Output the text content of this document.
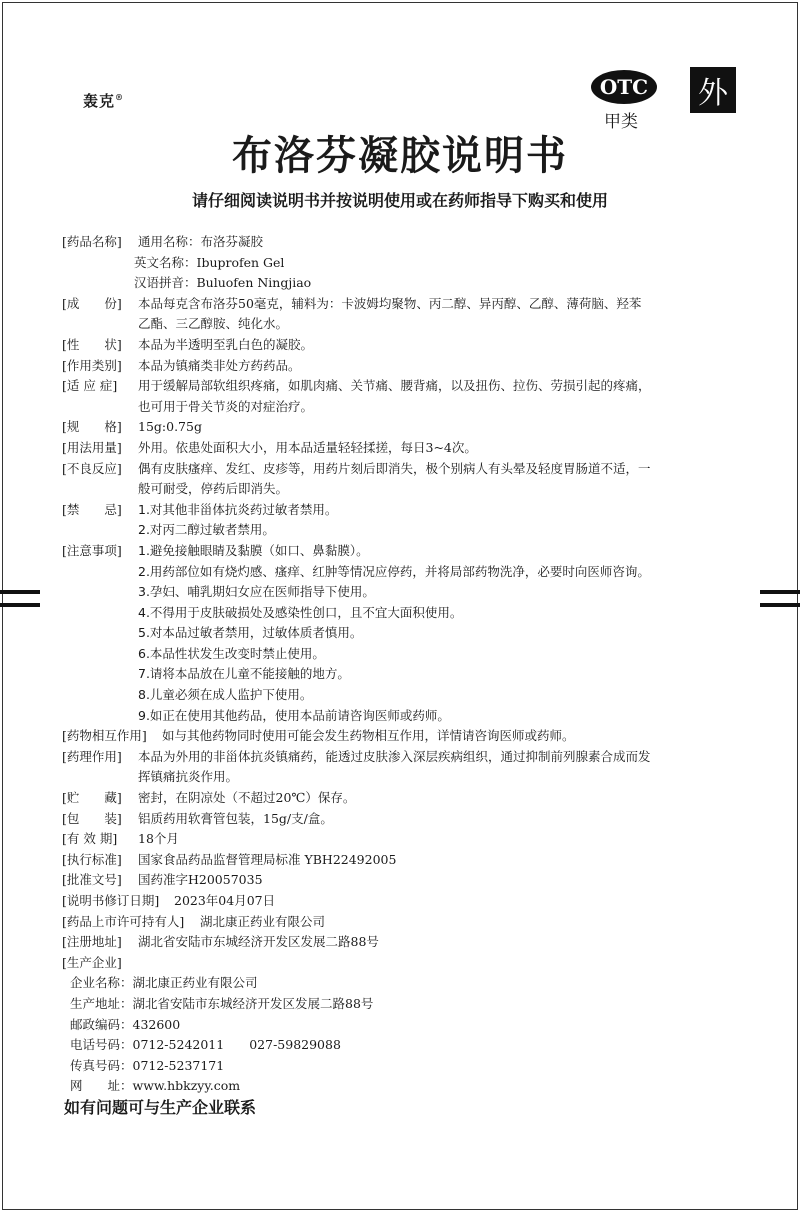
轰克®	OTC
甲类
外
布洛芬凝胶说明书
请仔细阅读说明书并按说明使用或在药师指导下购买和使用
[药品名称] 通用名称：布洛芬凝胶
英文名称：Ibuprofen Gel
汉语拼音：Buluofen Ningjiao
[成　　份] 本品每克含布洛芬50毫克，辅料为：卡波姆均聚物、丙二醇、异丙醇、乙醇、薄荷脑、羟苯
乙酯、三乙醇胺、纯化水。
[性　　状] 本品为半透明至乳白色的凝胶。
[作用类别] 本品为镇痛类非处方药药品。
[适 应 症] 用于缓解局部软组织疼痛，如肌肉痛、关节痛、腰背痛，以及扭伤、拉伤、劳损引起的疼痛，
也可用于骨关节炎的对症治疗。
[规　　格] 15g:0.75g
[用法用量] 外用。依患处面积大小，用本品适量轻轻揉搓，每日3~4次。
[不良反应] 偶有皮肤瘙痒、发红、皮疹等，用药片刻后即消失，极个别病人有头晕及轻度胃肠道不适，一
般可耐受，停药后即消失。
[禁　　忌] 1.对其他非甾体抗炎药过敏者禁用。
2.对丙二醇过敏者禁用。
[注意事项] 1.避免接触眼睛及黏膜（如口、鼻黏膜）。
2.用药部位如有烧灼感、瘙痒、红肿等情况应停药，并将局部药物洗净，必要时向医师咨询。
3.孕妇、哺乳期妇女应在医师指导下使用。
4.不得用于皮肤破损处及感染性创口，且不宜大面积使用。
5.对本品过敏者禁用，过敏体质者慎用。
6.本品性状发生改变时禁止使用。
7.请将本品放在儿童不能接触的地方。
8.儿童必须在成人监护下使用。
9.如正在使用其他药品，使用本品前请咨询医师或药师。
[药物相互作用] 如与其他药物同时使用可能会发生药物相互作用，详情请咨询医师或药师。
[药理作用] 本品为外用的非甾体抗炎镇痛药，能透过皮肤渗入深层疾病组织，通过抑制前列腺素合成而发
挥镇痛抗炎作用。
[贮　　藏] 密封，在阴凉处（不超过20℃）保存。
[包　　装] 铝质药用软膏管包装，15g/支/盒。
[有 效 期] 18个月
[执行标准] 国家食品药品监督管理局标准 YBH22492005
[批准文号] 国药准字H20057035
[说明书修订日期] 2023年04月07日
[药品上市许可持有人] 湖北康正药业有限公司
[注册地址] 湖北省安陆市东城经济开发区发展二路88号
[生产企业]
企业名称：湖北康正药业有限公司
生产地址：湖北省安陆市东城经济开发区发展二路88号
邮政编码：432600
电话号码：0712-5242011　　027-59829088
传真号码：0712-5237171
网　　址：www.hbkzyy.com
如有问题可与生产企业联系
